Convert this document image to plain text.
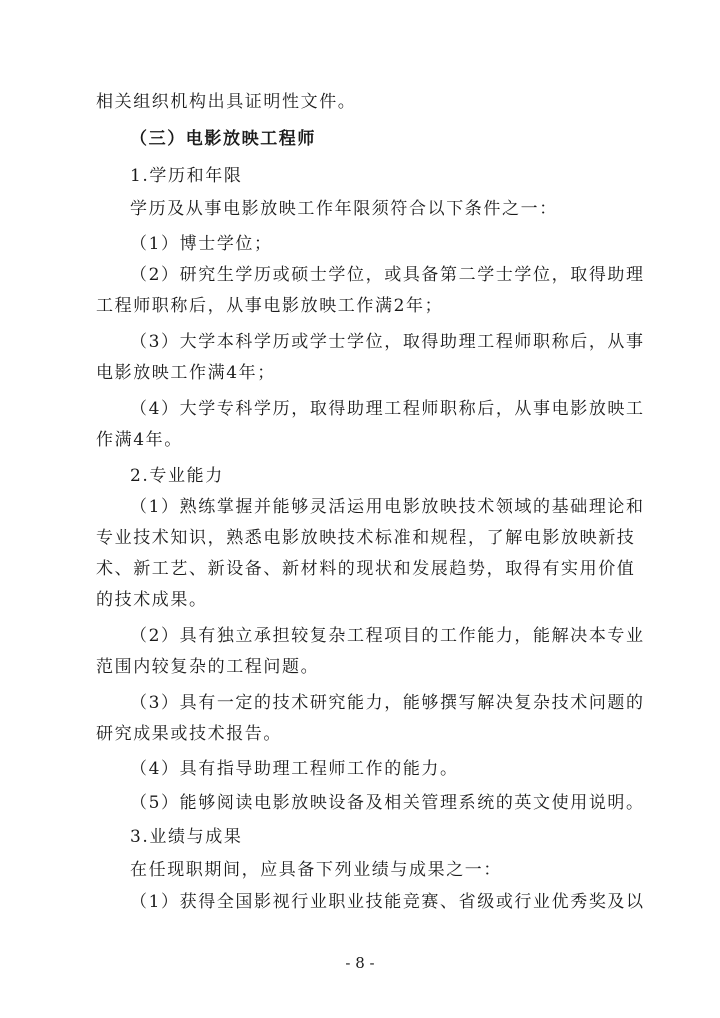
相关组织机构出具证明性文件。

（三）电影放映工程师

1.学历和年限

学历及从事电影放映工作年限须符合以下条件之一：

（1）博士学位；

（2）研究生学历或硕士学位，或具备第二学士学位，取得助理

工程师职称后，从事电影放映工作满2年；

（3）大学本科学历或学士学位，取得助理工程师职称后，从事

电影放映工作满4年；

（4）大学专科学历，取得助理工程师职称后，从事电影放映工

作满4年。

2.专业能力

（1）熟练掌握并能够灵活运用电影放映技术领域的基础理论和

专业技术知识，熟悉电影放映技术标准和规程，了解电影放映新技

术、新工艺、新设备、新材料的现状和发展趋势，取得有实用价值

的技术成果。

（2）具有独立承担较复杂工程项目的工作能力，能解决本专业

范围内较复杂的工程问题。

（3）具有一定的技术研究能力，能够撰写解决复杂技术问题的

研究成果或技术报告。

（4）具有指导助理工程师工作的能力。

（5）能够阅读电影放映设备及相关管理系统的英文使用说明。

3.业绩与成果

在任现职期间，应具备下列业绩与成果之一：

（1）获得全国影视行业职业技能竞赛、省级或行业优秀奖及以

- 8 -
